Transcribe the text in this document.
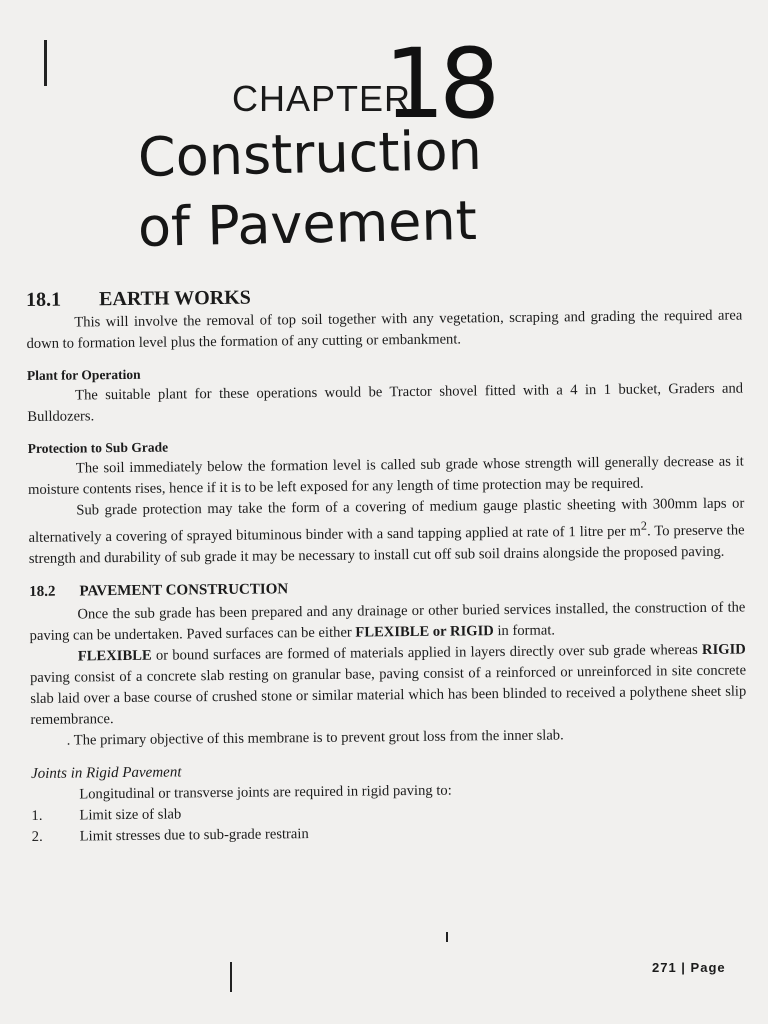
CHAPTER
18
Construction
of Pavement
18.1 EARTH WORKS

This will involve the removal of top soil together with any vegetation, scraping and grading the required area down to formation level plus the formation of any cutting or embankment.

Plant for Operation

The suitable plant for these operations would be Tractor shovel fitted with a 4 in 1 bucket, Graders and Bulldozers.

Protection to Sub Grade

The soil immediately below the formation level is called sub grade whose strength will generally decrease as it moisture contents rises, hence if it is to be left exposed for any length of time protection may be required.

Sub grade protection may take the form of a covering of medium gauge plastic sheeting with 300mm laps or alternatively a covering of sprayed bituminous binder with a sand tapping applied at rate of 1 litre per $m^2$. To preserve the strength and durability of sub grade it may be necessary to install cut off sub soil drains alongside the proposed paving.

18.2 PAVEMENT CONSTRUCTION

Once the sub grade has been prepared and any drainage or other buried services installed, the construction of the paving can be undertaken. Paved surfaces can be either FLEXIBLE or RIGID in format.

FLEXIBLE or bound surfaces are formed of materials applied in layers directly over sub grade whereas RIGID paving consist of a concrete slab resting on granular base, paving consist of a reinforced or unreinforced in site concrete slab laid over a base course of crushed stone or similar material which has been blinded to received a polythene sheet slip remembrance.

. The primary objective of this membrane is to prevent grout loss from the inner slab.

Joints in Rigid Pavement

Longitudinal or transverse joints are required in rigid paving to:

1.	Limit size of slab
2.	Limit stresses due to sub-grade restrain
271 | Page
